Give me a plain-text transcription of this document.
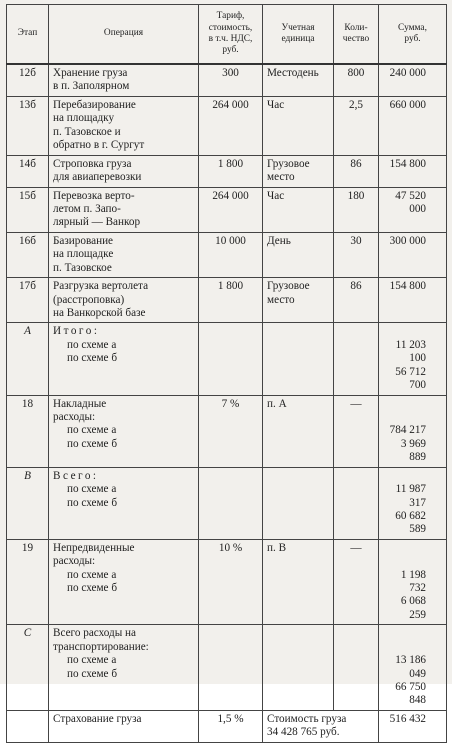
Этап	Операция	Тариф,
стоимость,
в т.ч. НДС,
руб.	Учетная
единица	Коли-
чество	Сумма,
руб.

12б	Хранение груза
в п. Заполярном	300	Местодень	800	240 000
13б	Перебазирование
на площадку
п. Тазовское и
обратно в г. Сургут	264 000	Час	2,5	660 000
14б	Строповка груза
для авиаперевозки	1 800	Грузовое
место	86	154 800
15б	Перевозка верто-
летом п. Запо-
лярный — Ванкор	264 000	Час	180	47 520 000
16б	Базирование
на площадке
п. Тазовское	10 000	День	30	300 000
17б	Разгрузка вертолета
(расстроповка)
на Ванкорской базе	1 800	Грузовое
место	86	154 800
А	Итого:
по схеме а
по схеме б				11 203 100
56 712 700

18	Накладные
расходы:
по схеме а
по схеме б	7 %	п. А	—	784 217
3 969 889

В	Всего:
по схеме а
по схеме б				11 987 317
60 682 589

19	Непредвиденные
расходы:
по схеме а
по схеме б	10 %	п. В	—	1 198 732
6 068 259

С	Всего расходы на
транспортирование:
по схеме а
по схеме б				13 186 049
66 750 848

	Страхование груза	1,5 %	Стоимость груза
34 428 765 руб.		516 432
